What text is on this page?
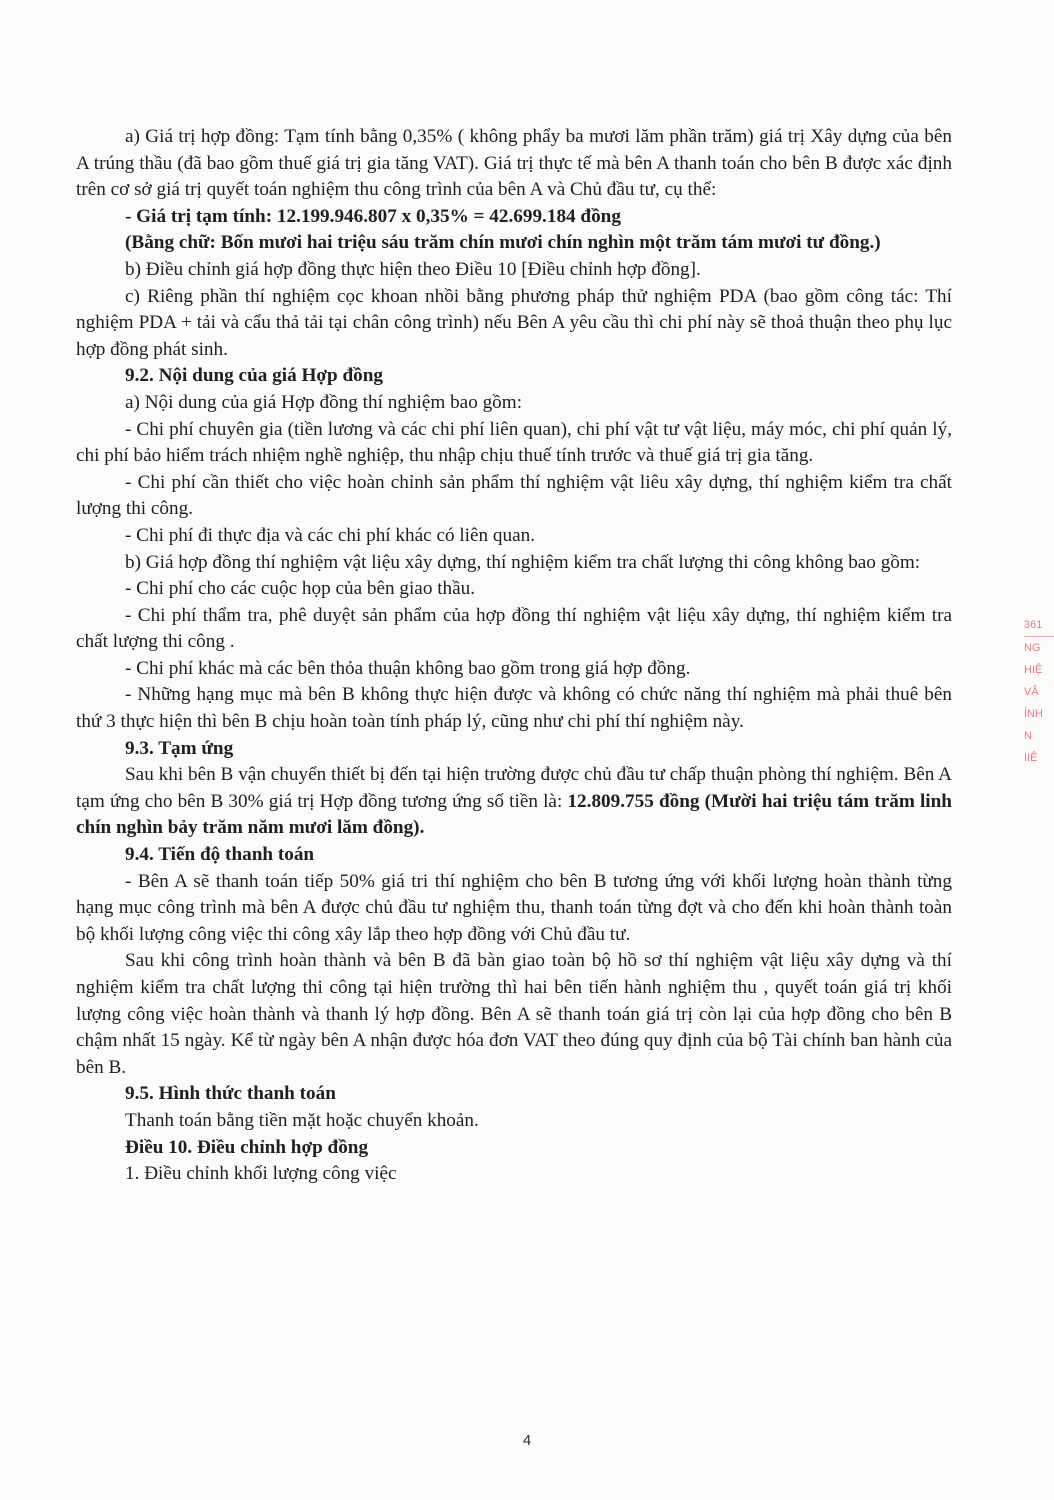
a) Giá trị hợp đồng: Tạm tính bằng 0,35% ( không phẩy ba mươi lăm phần trăm) giá trị Xây dựng của bên A trúng thầu (đã bao gồm thuế giá trị gia tăng VAT). Giá trị thực tế mà bên A thanh toán cho bên B được xác định trên cơ sở giá trị quyết toán nghiệm thu công trình của bên A và Chủ đầu tư, cụ thể:

- Giá trị tạm tính: 12.199.946.807 x 0,35% = 42.699.184 đồng

(Bằng chữ: Bốn mươi hai triệu sáu trăm chín mươi chín nghìn một trăm tám mươi tư đồng.)

b) Điều chỉnh giá hợp đồng thực hiện theo Điều 10 [Điều chỉnh hợp đồng].

c) Riêng phần thí nghiệm cọc khoan nhồi bằng phương pháp thử nghiệm PDA (bao gồm công tác: Thí nghiệm PDA + tải và cẩu thả tải tại chân công trình) nếu Bên A yêu cầu thì chi phí này sẽ thoả thuận theo phụ lục hợp đồng phát sinh.

9.2. Nội dung của giá Hợp đồng

a) Nội dung của giá Hợp đồng thí nghiệm bao gồm:

- Chi phí chuyên gia (tiền lương và các chi phí liên quan), chi phí vật tư vật liệu, máy móc, chi phí quản lý, chi phí bảo hiểm trách nhiệm nghề nghiệp, thu nhập chịu thuế tính trước và thuế giá trị gia tăng.

- Chi phí cần thiết cho việc hoàn chỉnh sản phẩm thí nghiệm vật liêu xây dựng, thí nghiệm kiểm tra chất lượng thi công.

- Chi phí đi thực địa và các chi phí khác có liên quan.

b) Giá hợp đồng thí nghiệm vật liệu xây dựng, thí nghiệm kiểm tra chất lượng thi công không bao gồm:

- Chi phí cho các cuộc họp của bên giao thầu.

- Chi phí thẩm tra, phê duyệt sản phẩm của hợp đồng thí nghiệm vật liệu xây dựng, thí nghiệm kiểm tra chất lượng thi công .

- Chi phí khác mà các bên thỏa thuận không bao gồm trong giá hợp đồng.

- Những hạng mục mà bên B không thực hiện được và không có chức năng thí nghiệm mà phải thuê bên thứ 3 thực hiện thì bên B chịu hoàn toàn tính pháp lý, cũng như chi phí thí nghiệm này.

9.3. Tạm ứng

Sau khi bên B vận chuyển thiết bị đến tại hiện trường được chủ đầu tư chấp thuận phòng thí nghiệm. Bên A tạm ứng cho bên B 30% giá trị Hợp đồng tương ứng số tiền là: 12.809.755 đồng (Mười hai triệu tám trăm linh chín nghìn bảy trăm năm mươi lăm đồng).

9.4. Tiến độ thanh toán

- Bên A sẽ thanh toán tiếp 50% giá tri thí nghiệm cho bên B tương ứng với khối lượng hoàn thành từng hạng mục công trình mà bên A được chủ đầu tư nghiệm thu, thanh toán từng đợt và cho đến khi hoàn thành toàn bộ khối lượng công việc thi công xây lắp theo hợp đồng với Chủ đầu tư.

Sau khi công trình hoàn thành và bên B đã bàn giao toàn bộ hồ sơ thí nghiệm vật liệu xây dựng và thí nghiệm kiểm tra chất lượng thi công tại hiện trường thì hai bên tiến hành nghiệm thu , quyết toán giá trị khối lượng công việc hoàn thành và thanh lý hợp đồng. Bên A sẽ thanh toán giá trị còn lại của hợp đồng cho bên B chậm nhất 15 ngày. Kể từ ngày bên A nhận được hóa đơn VAT theo đúng quy định của bộ Tài chính ban hành của bên B.

9.5. Hình thức thanh toán

Thanh toán bằng tiền mặt hoặc chuyển khoản.

Điều 10. Điều chỉnh hợp đồng

1. Điều chỉnh khối lượng công việc

361
NG
HIỆ
VẬ
ÍNH
N
IIỆ
4
